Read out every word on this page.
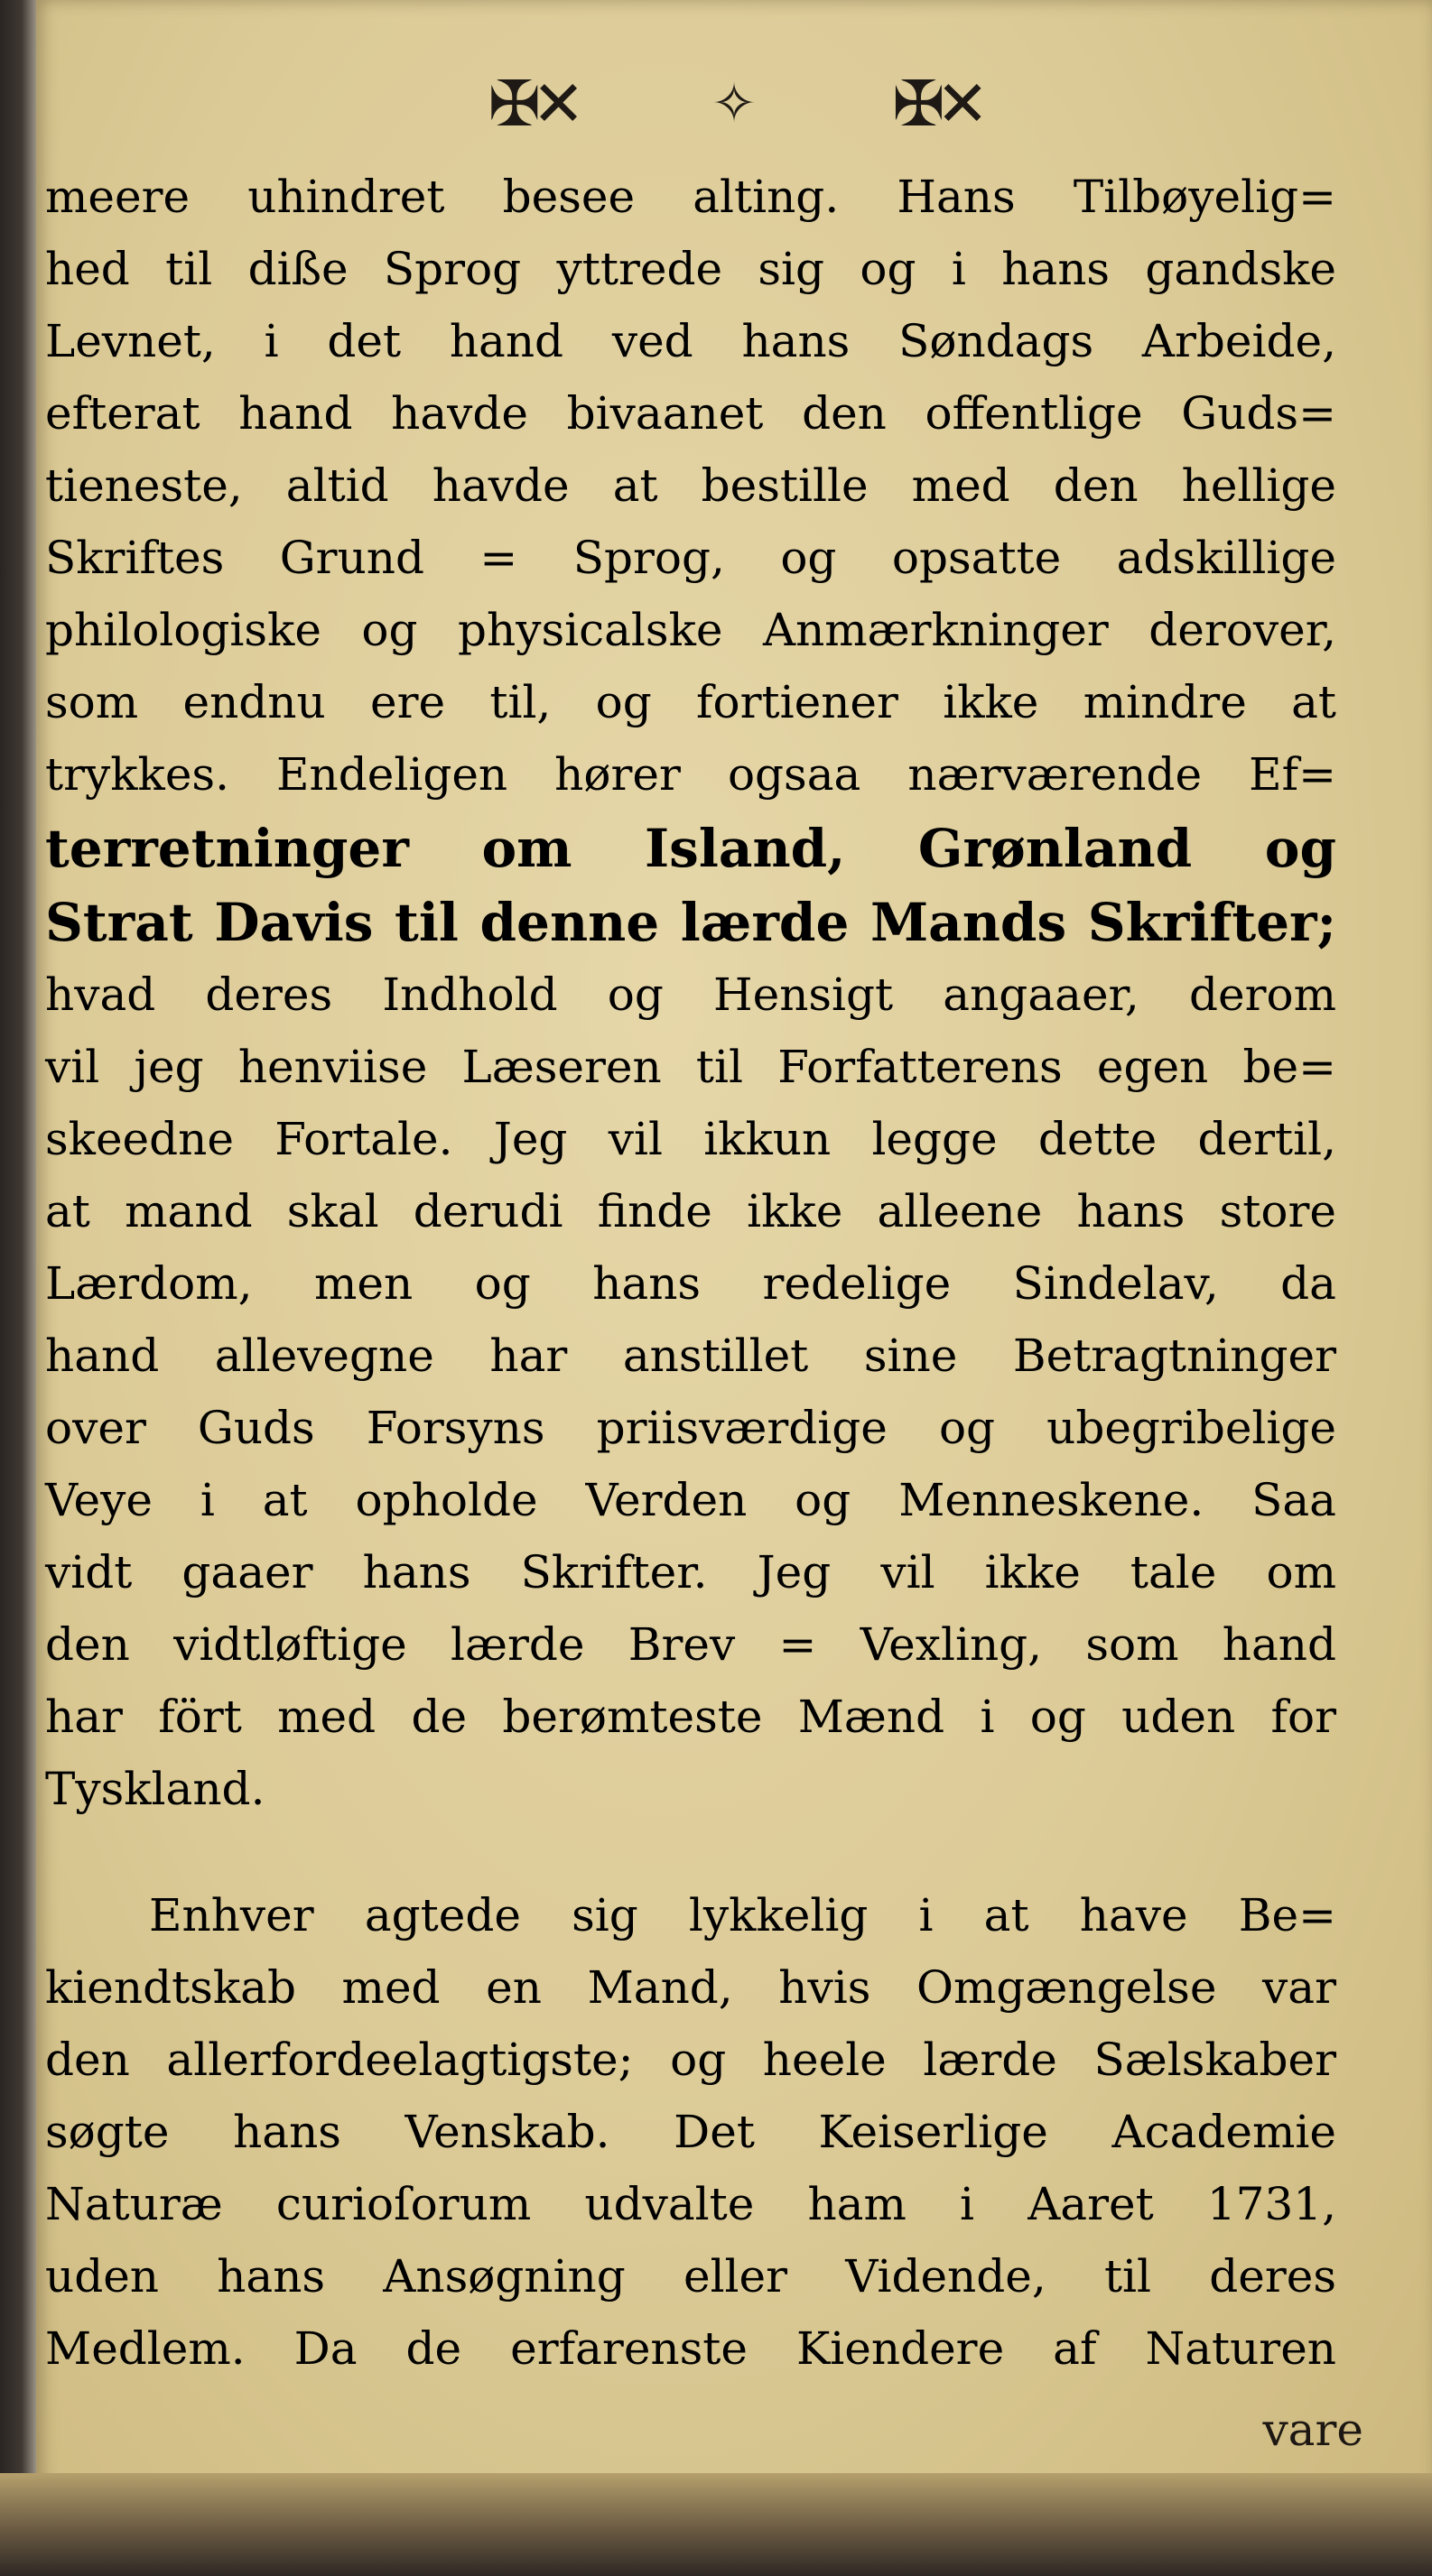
✠✕	✧ ✠✕
meere uhindret besee alting. Hans Tilbøyelig=
hed til diße Sprog yttrede sig og i hans gandske
Levnet, i det hand ved hans Søndags Arbeide,
efterat hand havde bivaanet den offentlige Guds=
tieneste, altid havde at bestille med den hellige
Skriftes Grund = Sprog, og opsatte adskillige
philologiske og physicalske Anmærkninger derover,
som endnu ere til, og fortiener ikke mindre at
trykkes. Endeligen hører ogsaa nærværende Ef=
terretninger om Island, Grønland og
Strat Davis til denne lærde Mands Skrifter;
hvad deres Indhold og Hensigt angaaer, derom
vil jeg henviise Læseren til Forfatterens egen be=
skeedne Fortale. Jeg vil ikkun legge dette dertil,
at mand skal derudi finde ikke alleene hans store
Lærdom, men og hans redelige Sindelav, da
hand allevegne har anstillet sine Betragtninger
over Guds Forsyns priisværdige og ubegribelige
Veye i at opholde Verden og Menneskene. Saa
vidt gaaer hans Skrifter. Jeg vil ikke tale om
den vidtløftige lærde Brev = Vexling, som hand
har fört med de berømteste Mænd i og uden for
Tyskland.
Enhver agtede sig lykkelig i at have Be=
kiendtskab med en Mand, hvis Omgængelse var
den allerfordeelagtigste; og heele lærde Sælskaber
søgte hans Venskab. Det Keiserlige Academie
Naturæ curioſorum udvalte ham i Aaret 1731,
uden hans Ansøgning eller Vidende, til deres
Medlem. Da de erfarenste Kiendere af Naturen
vare
